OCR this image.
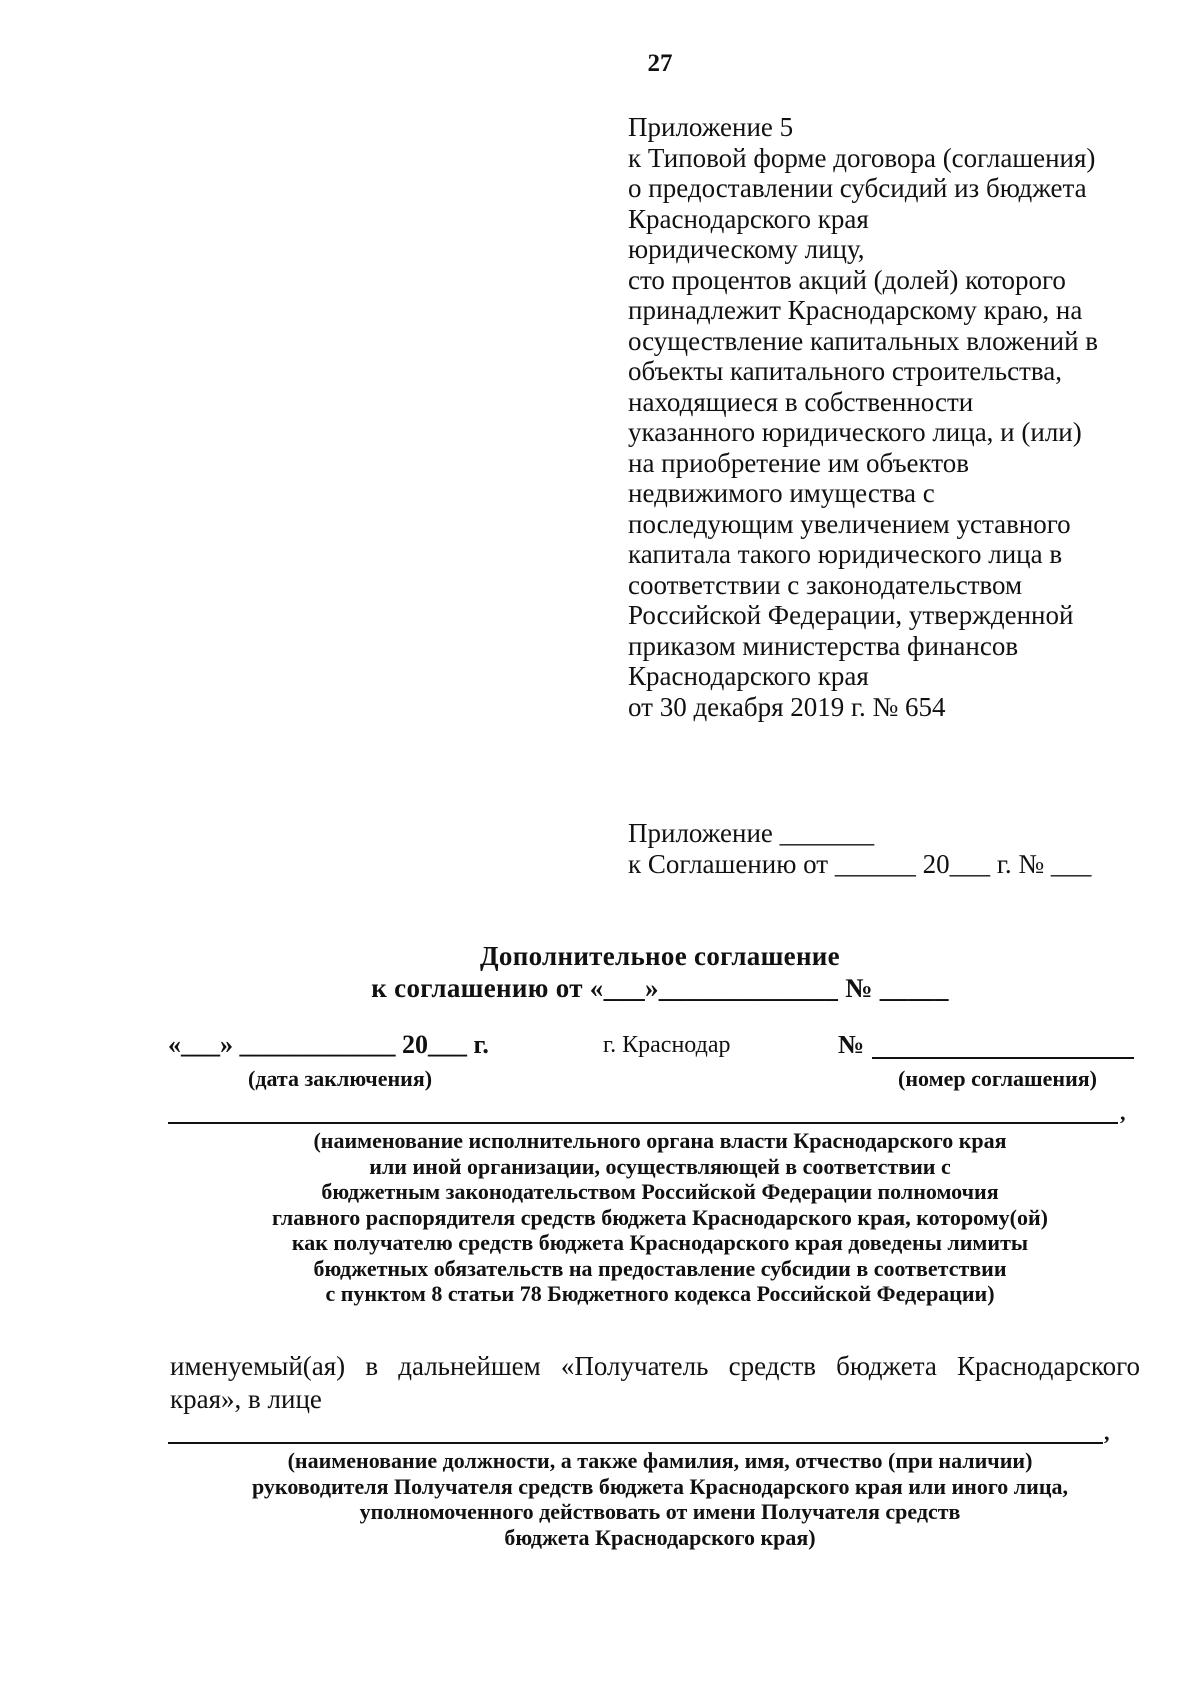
27
Приложение 5
к Типовой форме договора (соглашения)
о предоставлении субсидий из бюджета
Краснодарского края
юридическому лицу,
сто процентов акций (долей) которого
принадлежит Краснодарскому краю, на
осуществление капитальных вложений в
объекты капитального строительства,
находящиеся в собственности
указанного юридического лица, и (или)
на приобретение им объектов
недвижимого имущества с
последующим увеличением уставного
капитала такого юридического лица в
соответствии с законодательством
Российской Федерации, утвержденной
приказом министерства финансов
Краснодарского края
от 30 декабря 2019 г. № 654
Приложение _______
к Соглашению от ______ 20___ г. № ___
Дополнительное соглашение
к соглашению от «___»_____________ № _____
«___» ____________ 20___ г.	г. Краснодар	№
(дата заключения)	(номер соглашения)
,
(наименование исполнительного органа власти Краснодарского края
или иной организации, осуществляющей в соответствии с
бюджетным законодательством Российской Федерации полномочия
главного распорядителя средств бюджета Краснодарского края, которому(ой)
как получателю средств бюджета Краснодарского края доведены лимиты
бюджетных обязательств на предоставление субсидии в соответствии
с пунктом 8 статьи 78 Бюджетного кодекса Российской Федерации)
именуемый(ая) в дальнейшем «Получатель средств бюджета Краснодарского
края», в лице
,
(наименование должности, а также фамилия, имя, отчество (при наличии)
руководителя Получателя средств бюджета Краснодарского края или иного лица,
уполномоченного действовать от имени Получателя средств
бюджета Краснодарского края)
